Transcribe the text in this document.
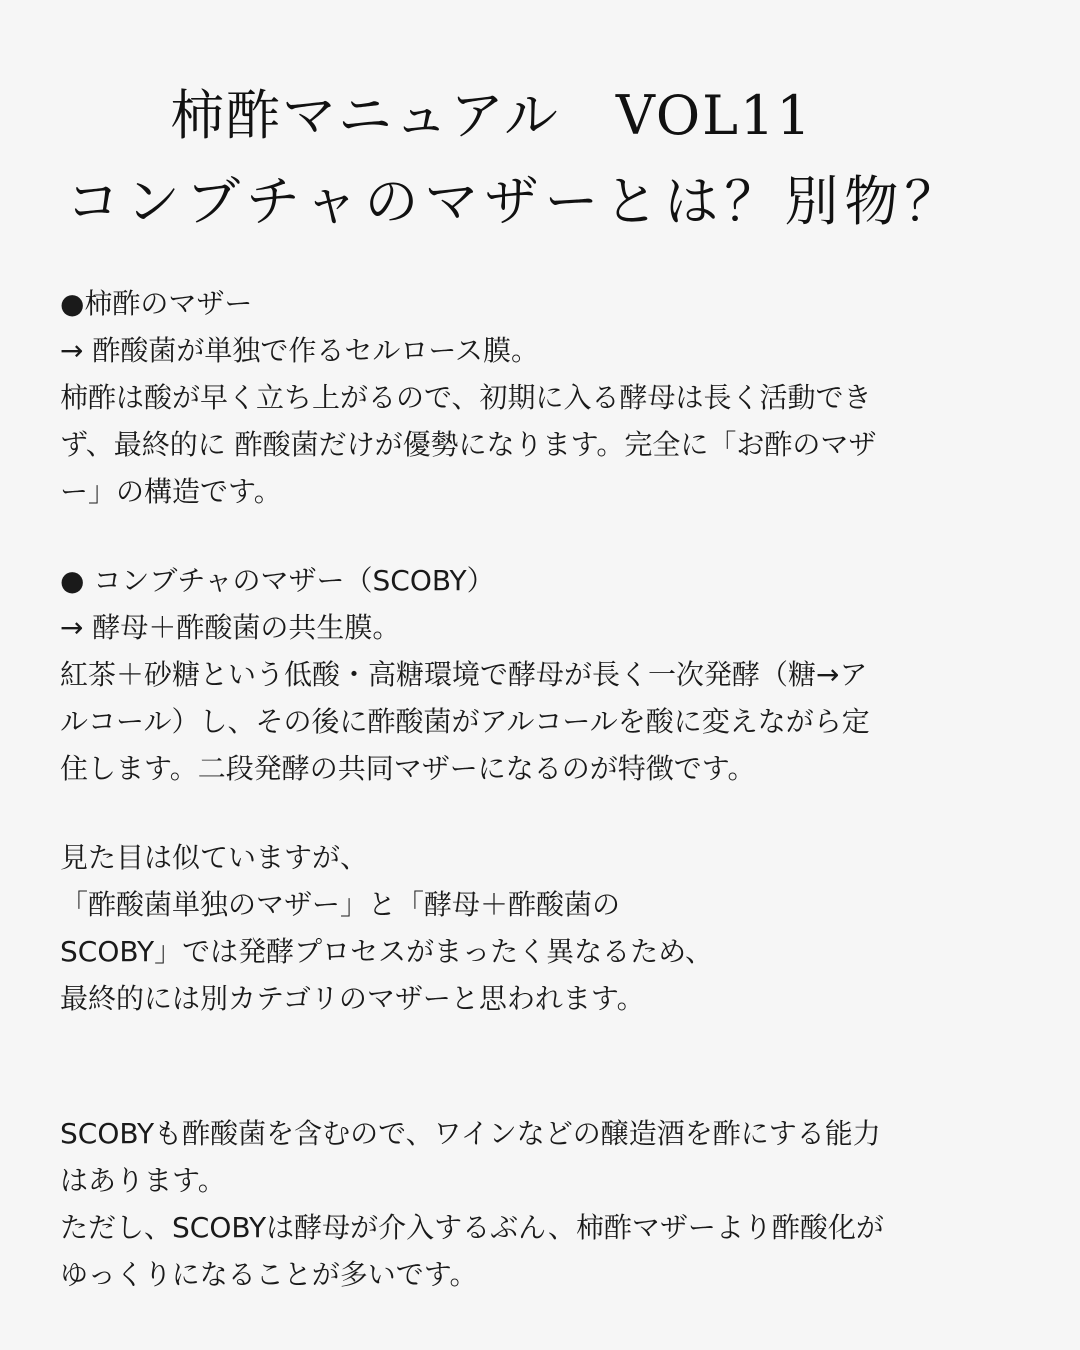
柿酢マニュアル　VOL11
コンブチャのマザーとは？別物？
●柿酢のマザー
→ 酢酸菌が単独で作るセルロース膜。
柿酢は酸が早く立ち上がるので、初期に入る酵母は長く活動でき
ず、最終的に 酢酸菌だけが優勢になります。完全に「お酢のマザ
ー」の構造です。
● コンブチャのマザー（SCOBY）
→ 酵母＋酢酸菌の共生膜。
紅茶＋砂糖という低酸・高糖環境で酵母が長く一次発酵（糖→ア
ルコール）し、その後に酢酸菌がアルコールを酸に変えながら定
住します。二段発酵の共同マザーになるのが特徴です。
見た目は似ていますが、
「酢酸菌単独のマザー」と「酵母＋酢酸菌の
SCOBY」では発酵プロセスがまったく異なるため、
最終的には別カテゴリのマザーと思われます。
SCOBYも酢酸菌を含むので、ワインなどの醸造酒を酢にする能力
はあります。
ただし、SCOBYは酵母が介入するぶん、柿酢マザーより酢酸化が
ゆっくりになることが多いです。
